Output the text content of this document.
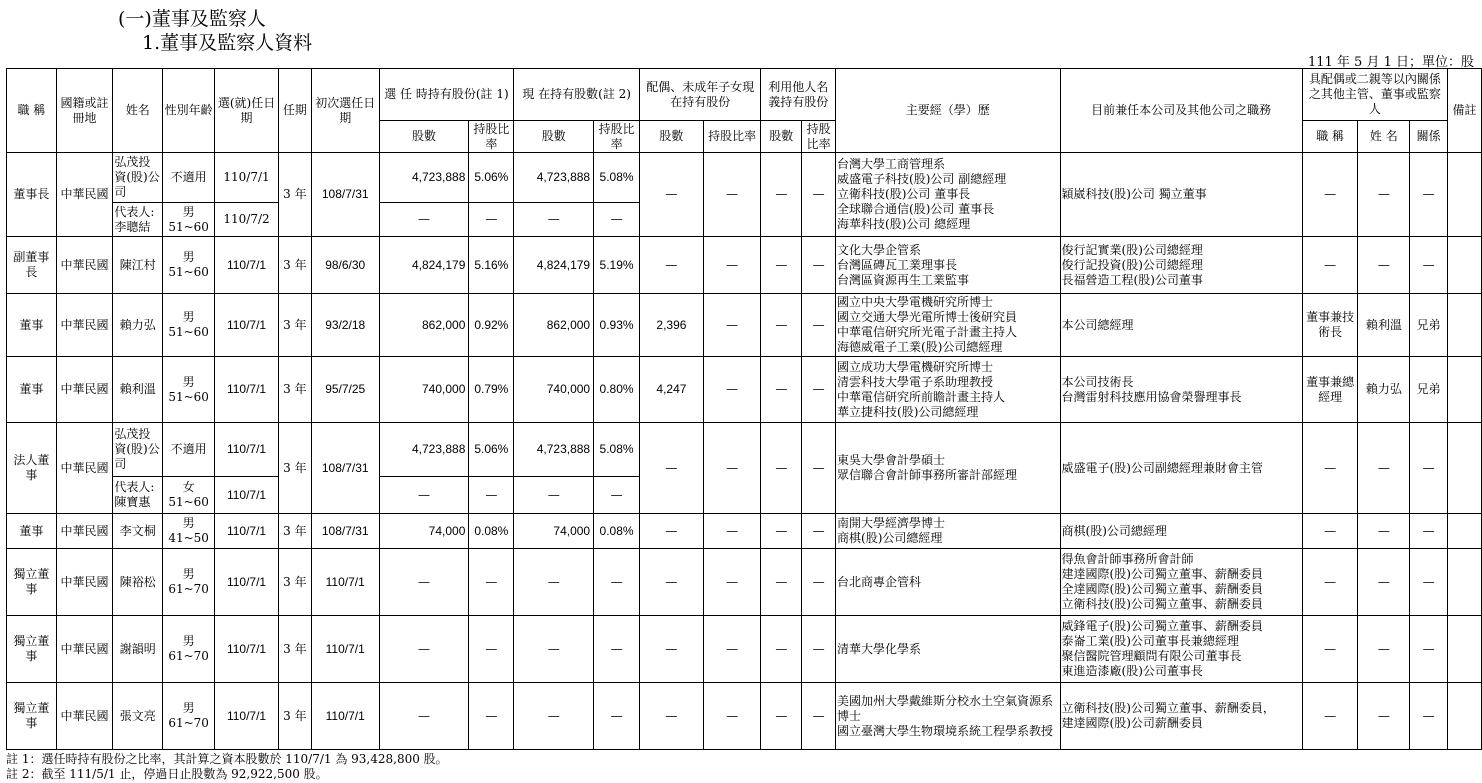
(一)董事及監察人
1.董事及監察人資料
111 年 5 月 1 日；單位：股
職 稱	國籍或註冊地	姓名	性別年齡	選(就)任日 期	任期	初次選任日期	選 任 時持有股份(註 1)		現 在持有股數(註 2)		配偶、未成年子女現在持有股份		利用他人名義持有股份		主要經（學）歷	目前兼任本公司及其他公司之職務	具配偶或二親等以內關係之其他主管、董事或監察人			備註
							股數	持股比率	股數	持股比率	股數	持股比率	股數	持股比率			職 稱	姓 名	關係	
董事長	中華民國	弘茂投資(股)公司	不適用	110/7/1	3 年	108/7/31	4,723,888	5.06%	4,723,888	5.08%	—	—	—	—	台灣大學工商管理系
威盛電子科技(股)公司 副總經理
立衛科技(股)公司 董事長
全球聯合通信(股)公司 董事長
海華科技(股)公司 總經理	穎崴科技(股)公司 獨立董事	—	—	—	
		代表人:李聰結	男51~60	110/7/2			—	—	—	—										
副董事長	中華民國	陳江村	男51~60	110/7/1	3 年	98/6/30	4,824,179	5.16%	4,824,179	5.19%	—	—	—	—	文化大學企管系
台灣區磚瓦工業理事長
台灣區資源再生工業監事	俊行記實業(股)公司總經理
俊行記投資(股)公司總經理
長福營造工程(股)公司董事	—	—	—	
董事	中華民國	賴力弘	男51~60	110/7/1	3 年	93/2/18	862,000	0.92%	862,000	0.93%	2,396	—	—	—	國立中央大學電機研究所博士
國立交通大學光電所博士後研究員
中華電信研究所光電子計畫主持人
海德威電子工業(股)公司總經理	本公司總經理	董事兼技術長	賴利溫	兄弟	
董事	中華民國	賴利溫	男51~60	110/7/1	3 年	95/7/25	740,000	0.79%	740,000	0.80%	4,247	—	—	—	國立成功大學電機研究所博士
清雲科技大學電子系助理教授
中華電信研究所前瞻計畫主持人
華立捷科技(股)公司總經理	本公司技術長
台灣雷射科技應用協會榮譽理事長	董事兼總經理	賴力弘	兄弟	
法人董事	中華民國	弘茂投資(股)公司	不適用	110/7/1	3 年	108/7/31	4,723,888	5.06%	4,723,888	5.08%	—	—	—	—	東吳大學會計學碩士
眾信聯合會計師事務所審計部經理	威盛電子(股)公司副總經理兼財會主管	—	—	—	
		代表人:陳寶惠	女51~60	110/7/1			—	—	—	—										
董事	中華民國	李文桐	男41~50	110/7/1	3 年	108/7/31	74,000	0.08%	74,000	0.08%	—	—	—	—	南開大學經濟學博士
商棋(股)公司總經理	商棋(股)公司總經理	—	—	—	
獨立董事	中華民國	陳裕松	男61~70	110/7/1	3 年	110/7/1	—	—	—	—	—	—	—	—	台北商專企管科	得魚會計師事務所會計師
建達國際(股)公司獨立董事、薪酬委員
全達國際(股)公司獨立董事、薪酬委員
立衛科技(股)公司獨立董事、薪酬委員	—	—	—	
獨立董事	中華民國	謝韻明	男61~70	110/7/1	3 年	110/7/1	—	—	—	—	—	—	—	—	清華大學化學系	威鋒電子(股)公司獨立董事、薪酬委員
泰崙工業(股)公司董事長兼總經理
聚信醫院管理顧問有限公司董事長
東進造漆廠(股)公司董事長	—	—	—	
獨立董事	中華民國	張文亮	男61~70	110/7/1	3 年	110/7/1	—	—	—	—	—	—	—	—	美國加州大學戴維斯分校水土空氣資源系博士
國立臺灣大學生物環境系統工程學系教授	立衛科技(股)公司獨立董事、薪酬委員，
建達國際(股)公司薪酬委員	—	—	—	
註 1：選任時持有股份之比率，其計算之資本股數於 110/7/1 為 93,428,800 股。
註 2：截至 111/5/1 止，停過日止股數為 92,922,500 股。
